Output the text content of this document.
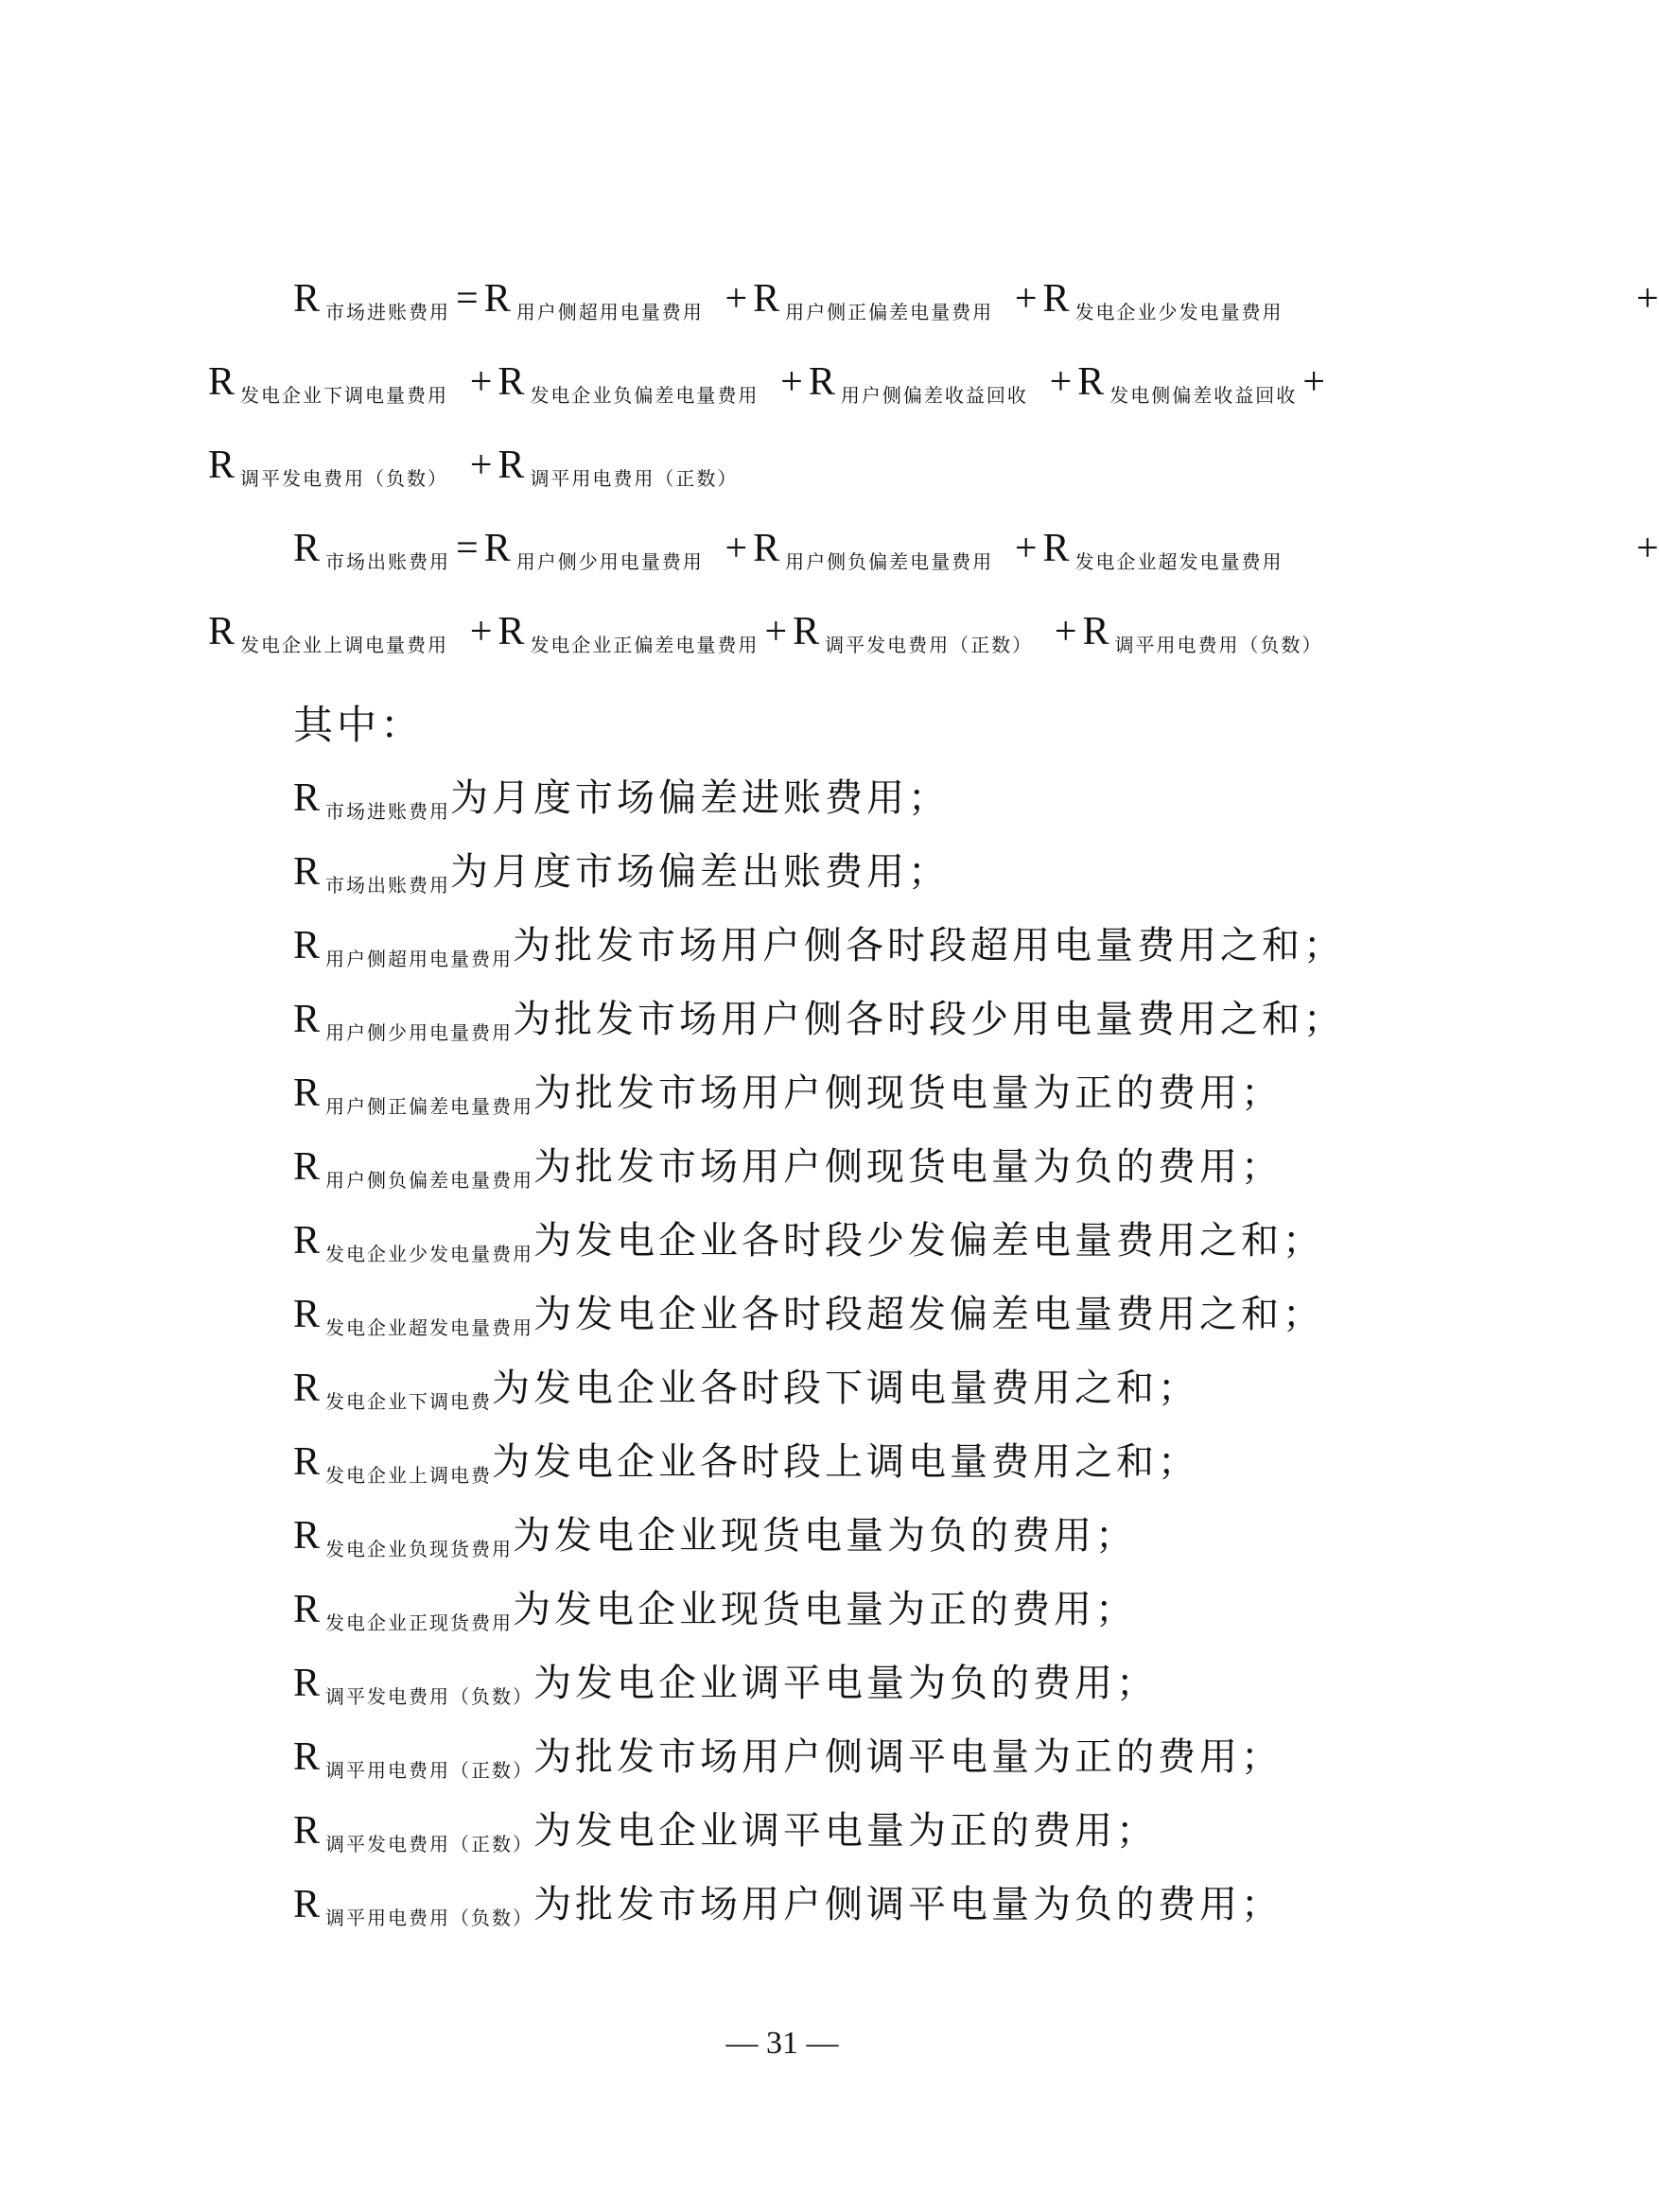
R $_{市场进账费用}$ = R $_{用户侧超用电量费用}$ + R $_{用户侧正偏差电量费用}$ + R $_{发电企业少发电量费用}$	+
R $_{发电企业下调电量费用}$ + R $_{发电企业负偏差电量费用}$ + R $_{用户侧偏差收益回收}$ + R $_{发电侧偏差收益回收}$ +
R $_{调平发电费用(负数)}$ + R $_{调平用电费用(正数)}$
R $_{市场出账费用}$ = R $_{用户侧少用电量费用}$ + R $_{用户侧负偏差电量费用}$ + R $_{发电企业超发电量费用}$	+
R $_{发电企业上调电量费用}$ + R $_{发电企业正偏差电量费用}$ + R $_{调平发电费用(正数)}$ + R $_{调平用电费用(负数)}$
其中：
R $_{市场进账费用}$为月度市场偏差进账费用；
R $_{市场出账费用}$为月度市场偏差出账费用；
R $_{用户侧超用电量费用}$为批发市场用户侧各时段超用电量费用之和；
R $_{用户侧少用电量费用}$为批发市场用户侧各时段少用电量费用之和；
R $_{用户侧正偏差电量费用}$为批发市场用户侧现货电量为正的费用；
R $_{用户侧负偏差电量费用}$为批发市场用户侧现货电量为负的费用；
R $_{发电企业少发电量费用}$为发电企业各时段少发偏差电量费用之和；
R $_{发电企业超发电量费用}$为发电企业各时段超发偏差电量费用之和；
R $_{发电企业下调电费}$为发电企业各时段下调电量费用之和；
R $_{发电企业上调电费}$为发电企业各时段上调电量费用之和；
R $_{发电企业负现货费用}$为发电企业现货电量为负的费用；
R $_{发电企业正现货费用}$为发电企业现货电量为正的费用；
R $_{调平发电费用(负数)}$为发电企业调平电量为负的费用；
R $_{调平用电费用(正数)}$为批发市场用户侧调平电量为正的费用；
R $_{调平发电费用(正数)}$为发电企业调平电量为正的费用；
R $_{调平用电费用(负数)}$为批发市场用户侧调平电量为负的费用；
— 31 —
